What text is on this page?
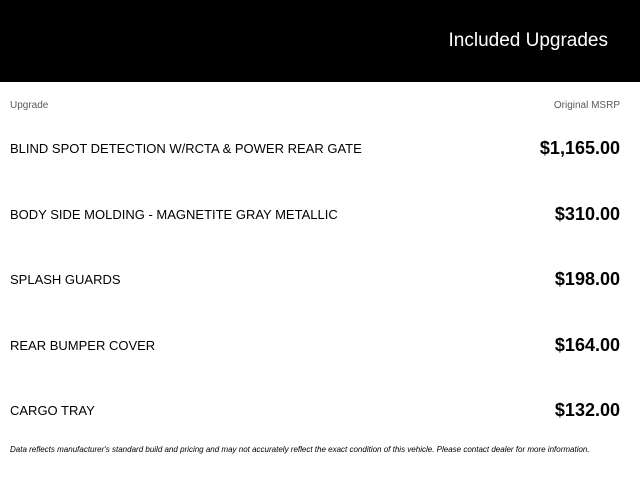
Included Upgrades
Upgrade	Original MSRP
BLIND SPOT DETECTION W/RCTA & POWER REAR GATE	$1,165.00
BODY SIDE MOLDING - MAGNETITE GRAY METALLIC	$310.00
SPLASH GUARDS	$198.00
REAR BUMPER COVER	$164.00
CARGO TRAY	$132.00
Data reflects manufacturer's standard build and pricing and may not accurately reflect the exact condition of this vehicle. Please contact dealer for more information.
